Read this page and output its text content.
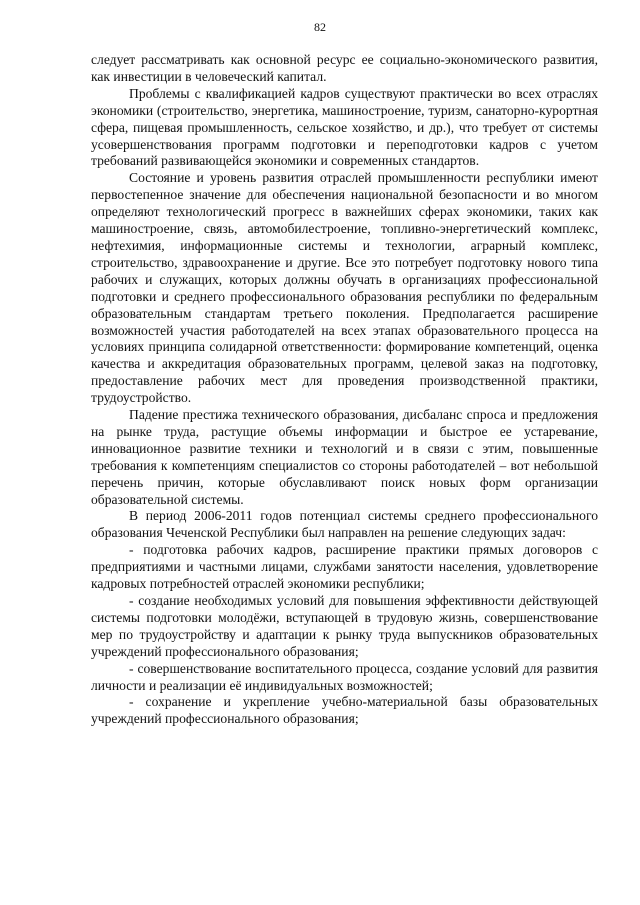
82

следует рассматривать как основной ресурс ее социально-экономического развития, как инвестиции в человеческий капитал.

Проблемы с квалификацией кадров существуют практически во всех отраслях экономики (строительство, энергетика, машиностроение, туризм, санаторно-курортная сфера, пищевая промышленность, сельское хозяйство, и др.), что требует от системы усовершенствования программ подготовки и переподготовки кадров с учетом требований развивающейся экономики и современных стандартов.

Состояние и уровень развития отраслей промышленности республики имеют первостепенное значение для обеспечения национальной безопасности и во многом определяют технологический прогресс в важнейших сферах экономики, таких как машиностроение, связь, автомобилестроение, топливно-энергетический комплекс, нефтехимия, информационные системы и технологии, аграрный комплекс, строительство, здравоохранение и другие. Все это потребует подготовку нового типа рабочих и служащих, которых должны обучать в организациях профессиональной подготовки и среднего профессионального образования республики по федеральным образовательным стандартам третьего поколения. Предполагается расширение возможностей участия работодателей на всех этапах образовательного процесса на условиях принципа солидарной ответственности: формирование компетенций, оценка качества и аккредитация образовательных программ, целевой заказ на подготовку, предоставление рабочих мест для проведения производственной практики, трудоустройство.

Падение престижа технического образования, дисбаланс спроса и предложения на рынке труда, растущие объемы информации и быстрое ее устаревание, инновационное развитие техники и технологий и в связи с этим, повышенные требования к компетенциям специалистов со стороны работодателей – вот небольшой перечень причин, которые обуславливают поиск новых форм организации образовательной системы.

В период 2006-2011 годов потенциал системы среднего профессионального образования Чеченской Республики был направлен на решение следующих задач:

- подготовка рабочих кадров, расширение практики прямых договоров с предприятиями и частными лицами, службами занятости населения, удовлетворение кадровых потребностей отраслей экономики республики;

- создание необходимых условий для повышения эффективности действующей системы подготовки молодёжи, вступающей в трудовую жизнь, совершенствование мер по трудоустройству и адаптации к рынку труда выпускников образовательных учреждений профессионального образования;

- совершенствование воспитательного процесса, создание условий для развития личности и реализации её индивидуальных возможностей;

- сохранение и укрепление учебно-материальной базы образовательных учреждений профессионального образования;
